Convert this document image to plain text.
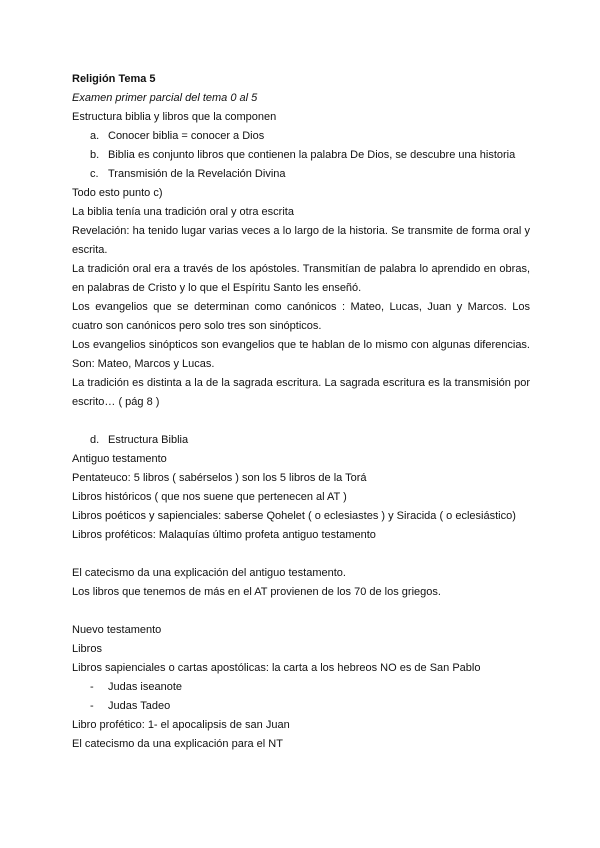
Religión Tema 5
Examen primer parcial del tema 0 al 5
Estructura biblia y libros que la componen
a. Conocer biblia = conocer a Dios
b. Biblia es conjunto libros que contienen la palabra De Dios, se descubre una historia
c. Transmisión de la Revelación Divina
Todo esto punto c)
La biblia tenía una tradición oral y otra escrita
Revelación: ha tenido lugar varias veces a lo largo de la historia. Se transmite de forma oral y escrita.
La tradición oral era a través de los apóstoles. Transmitían de palabra lo aprendido en obras, en palabras de Cristo y lo que el Espíritu Santo les enseñó.
Los evangelios que se determinan como canónicos : Mateo, Lucas, Juan y Marcos. Los cuatro son canónicos pero solo tres son sinópticos.
Los evangelios sinópticos son evangelios que te hablan de lo mismo con algunas diferencias. Son: Mateo, Marcos y Lucas.
La tradición es distinta a la de la sagrada escritura. La sagrada escritura es la transmisión por escrito… ( pág 8 )
d. Estructura Biblia
Antiguo testamento
Pentateuco: 5 libros ( sabérselos ) son los 5 libros de la Torá
Libros históricos ( que nos suene que pertenecen al AT )
Libros poéticos y sapienciales: saberse Qohelet ( o eclesiastes ) y Siracida ( o eclesiástico)
Libros proféticos: Malaquías último profeta antiguo testamento
El catecismo da una explicación del antiguo testamento.
Los libros que tenemos de más en el AT provienen de los 70 de los griegos.
Nuevo testamento
Libros
Libros sapienciales o cartas apostólicas: la carta a los hebreos NO es de San Pablo
- Judas iseanote
- Judas Tadeo
Libro profético: 1- el apocalipsis de san Juan
El catecismo da una explicación para el NT
